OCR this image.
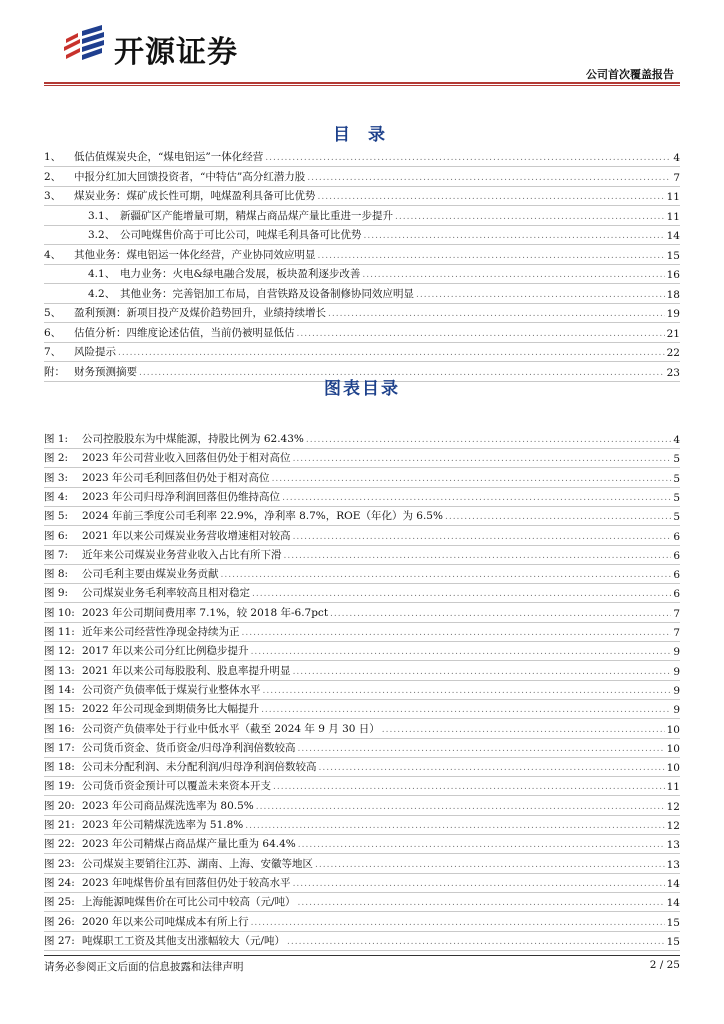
开源证券
公司首次覆盖报告
目 录
1、	低估值煤炭央企，“煤电铝运”一体化经营 .....	4
2、	中报分红加大回馈投资者，“中特估”高分红潜力股 .....	7
3、	煤炭业务：煤矿成长性可期，吨煤盈利具备可比优势 .....	11
3.1、 新疆矿区产能增量可期，精煤占商品煤产量比重进一步提升 .....	11
3.2、 公司吨煤售价高于可比公司，吨煤毛利具备可比优势 .....	14
4、	其他业务：煤电铝运一体化经营，产业协同效应明显 .....	15
4.1、 电力业务：火电&绿电融合发展，板块盈利逐步改善 .....	16
4.2、 其他业务：完善铝加工布局，自营铁路及设备制修协同效应明显 .....	18
5、	盈利预测：新项目投产及煤价趋势回升，业绩持续增长 .....	19
6、	估值分析：四维度论述估值，当前仍被明显低估 .....	21
7、	风险提示 .....	22
附： 财务预测摘要 .....	23
图表目录
图 1:	公司控股股东为中煤能源，持股比例为 62.43% .....	4
图 2:	2023 年公司营业收入回落但仍处于相对高位 .....	5
图 3:	2023 年公司毛利回落但仍处于相对高位 .....	5
图 4:	2023 年公司归母净利润回落但仍维持高位 .....	5
图 5:	2024 年前三季度公司毛利率 22.9%，净利率 8.7%，ROE（年化）为 6.5% .....	5
图 6:	2021 年以来公司煤炭业务营收增速相对较高 .....	6
图 7:	近年来公司煤炭业务营业收入占比有所下滑 .....	6
图 8:	公司毛利主要由煤炭业务贡献 .....	6
图 9:	公司煤炭业务毛利率较高且相对稳定 .....	6
图 10: 2023 年公司期间费用率 7.1%，较 2018 年-6.7pct .....	7
图 11: 近年来公司经营性净现金持续为正 .....	7
图 12: 2017 年以来公司分红比例稳步提升 .....	9
图 13: 2021 年以来公司每股股利、股息率提升明显 .....	9
图 14: 公司资产负债率低于煤炭行业整体水平 .....	9
图 15: 2022 年公司现金到期债务比大幅提升 .....	9
图 16: 公司资产负债率处于行业中低水平（截至 2024 年 9 月 30 日） .....	10
图 17: 公司货币资金、货币资金/归母净利润倍数较高 .....	10
图 18: 公司未分配利润、未分配利润/归母净利润倍数较高 .....	10
图 19: 公司货币资金预计可以覆盖未来资本开支 .....	11
图 20: 2023 年公司商品煤洗选率为 80.5% .....	12
图 21: 2023 年公司精煤洗选率为 51.8% .....	12
图 22: 2023 年公司精煤占商品煤产量比重为 64.4% .....	13
图 23: 公司煤炭主要销往江苏、湖南、上海、安徽等地区 .....	13
图 24: 2023 年吨煤售价虽有回落但仍处于较高水平 .....	14
图 25: 上海能源吨煤售价在可比公司中较高（元/吨） .....	14
图 26: 2020 年以来公司吨煤成本有所上行 .....	15
图 27: 吨煤职工工资及其他支出涨幅较大（元/吨） .....	15
请务必参阅正文后面的信息披露和法律声明	2 / 25
